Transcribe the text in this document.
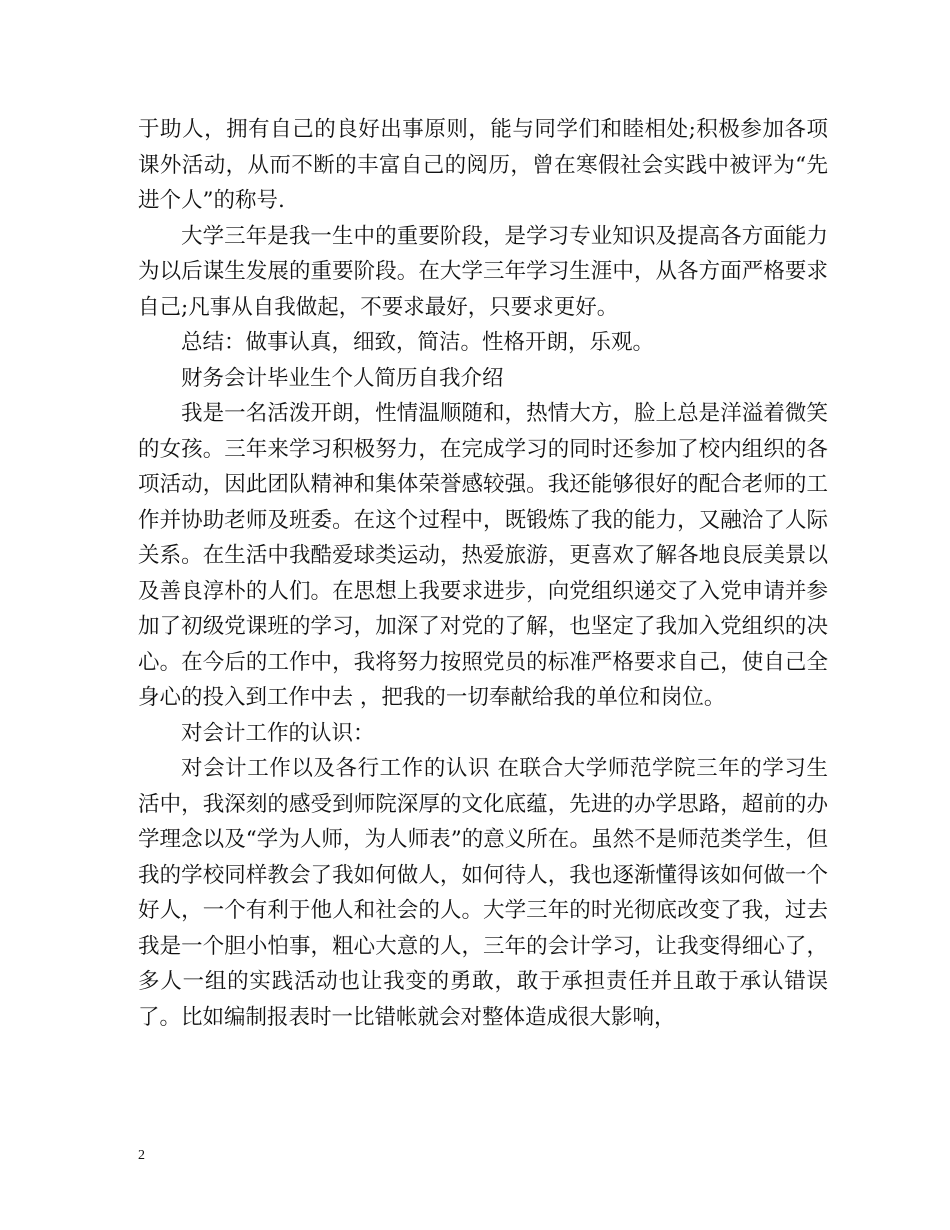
于助人，拥有自己的良好出事原则，能与同学们和睦相处;积极参加各项课外活动，从而不断的丰富自己的阅历，曾在寒假社会实践中被评为“先进个人”的称号.

大学三年是我一生中的重要阶段，是学习专业知识及提高各方面能力为以后谋生发展的重要阶段。在大学三年学习生涯中，从各方面严格要求自己;凡事从自我做起，不要求最好，只要求更好。

总结：做事认真，细致，简洁。性格开朗，乐观。

财务会计毕业生个人简历自我介绍

我是一名活泼开朗，性情温顺随和，热情大方，脸上总是洋溢着微笑的女孩。三年来学习积极努力，在完成学习的同时还参加了校内组织的各项活动，因此团队精神和集体荣誉感较强。我还能够很好的配合老师的工作并协助老师及班委。在这个过程中，既锻炼了我的能力，又融洽了人际关系。在生活中我酷爱球类运动，热爱旅游，更喜欢了解各地良辰美景以及善良淳朴的人们。在思想上我要求进步，向党组织递交了入党申请并参加了初级党课班的学习，加深了对党的了解，也坚定了我加入党组织的决心。在今后的工作中，我将努力按照党员的标准严格要求自己，使自己全身心的投入到工作中去 ，把我的一切奉献给我的单位和岗位。

对会计工作的认识：

对会计工作以及各行工作的认识 在联合大学师范学院三年的学习生活中，我深刻的感受到师院深厚的文化底蕴，先进的办学思路，超前的办学理念以及“学为人师，为人师表”的意义所在。虽然不是师范类学生，但我的学校同样教会了我如何做人，如何待人，我也逐渐懂得该如何做一个好人，一个有利于他人和社会的人。大学三年的时光彻底改变了我，过去我是一个胆小怕事，粗心大意的人，三年的会计学习，让我变得细心了，多人一组的实践活动也让我变的勇敢，敢于承担责任并且敢于承认错误了。比如编制报表时一比错帐就会对整体造成很大影响，

2
